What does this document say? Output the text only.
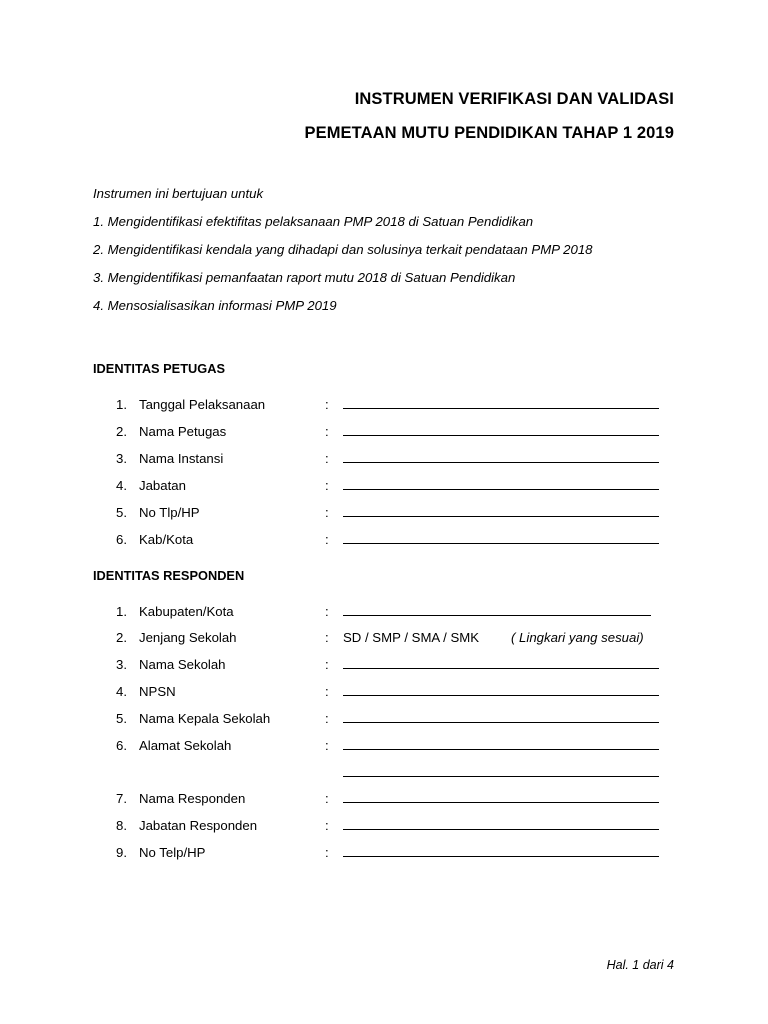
INSTRUMEN VERIFIKASI DAN VALIDASI
PEMETAAN MUTU PENDIDIKAN TAHAP 1 2019

Instrumen ini bertujuan untuk

1. Mengidentifikasi efektifitas pelaksanaan PMP 2018 di Satuan Pendidikan

2. Mengidentifikasi kendala yang dihadapi dan solusinya terkait pendataan PMP 2018

3. Mengidentifikasi pemanfaatan raport mutu 2018 di Satuan Pendidikan

4. Mensosialisasikan informasi PMP 2019

IDENTITAS PETUGAS

1. Tanggal Pelaksanaan	:
2. Nama Petugas	:
3. Nama Instansi	:
4. Jabatan	:
5. No Tlp/HP	:
6. Kab/Kota	:

IDENTITAS RESPONDEN

1. Kabupaten/Kota	:
2. Jenjang Sekolah	: SD / SMP / SMA / SMK ( Lingkari yang sesuai)
3. Nama Sekolah	:
4. NPSN	:
5. Nama Kepala Sekolah	:
6. Alamat Sekolah	:
7. Nama Responden	:
8. Jabatan Responden	:
9. No Telp/HP	:
Hal. 1 dari 4
